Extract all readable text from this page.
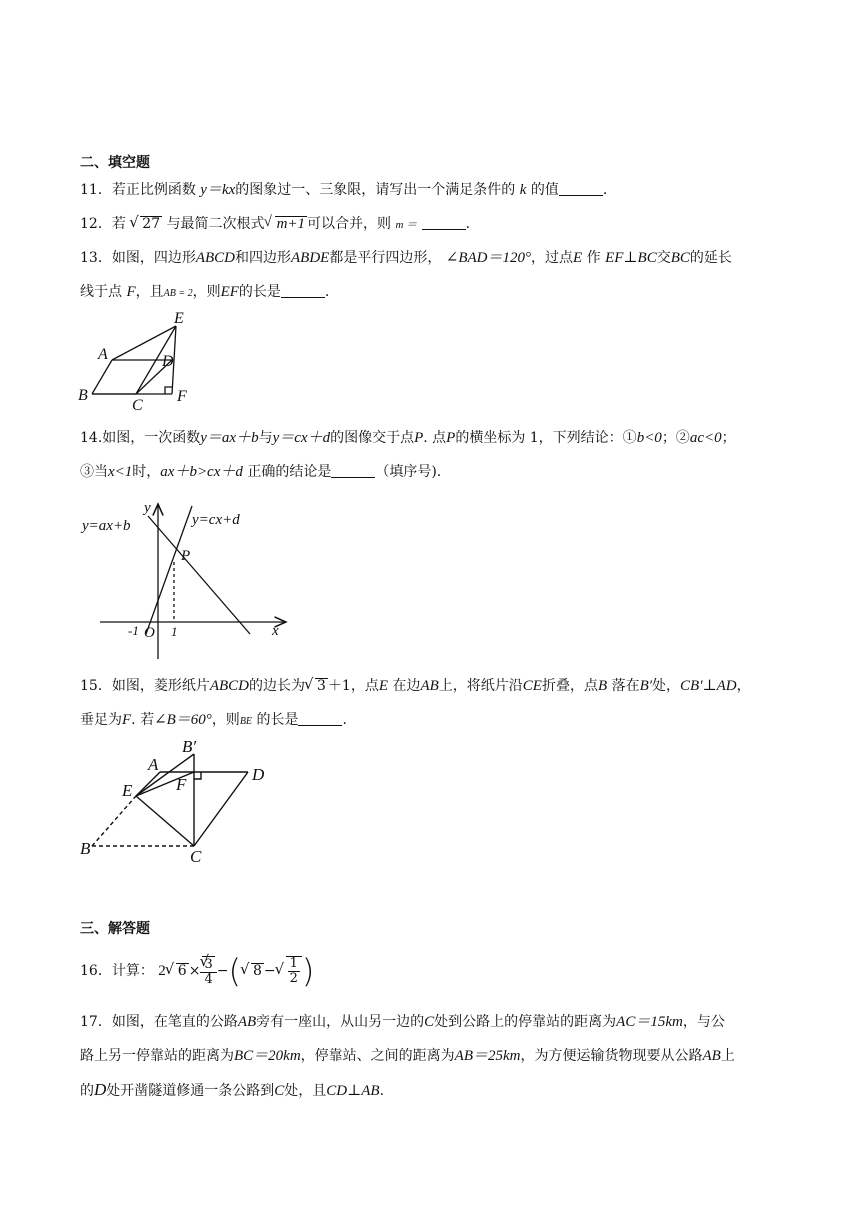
二、填空题
11．若正比例函数 y＝kx的图象过一、三象限，请写出一个满足条件的 k 的值	.
12．若 √ 27 与最简二次根式 √ m+1 可以合并，则 m ＝	.
13．如图，四边形ABCD和四边形ABDE都是平行四边形， ∠BAD＝120°，过点E 作 EF⊥BC交BC的延长
线于点 F，且AB = 2，则EF的长是	.
E
A	D
B
C
F
14.如图，一次函数y＝ax＋b与y＝cx＋d的图像交于点P. 点P的横坐标为 1，下列结论：①b<0；②ac<0；
③当x<1时，ax＋b>cx＋d 正确的结论是	（填序号).
y
x
O
P
1
-1
y=ax+b	y=cx+d
15．如图，菱形纸片ABCD的边长为 √ 3 ＋1，点E 在边AB上，将纸片沿CE折叠，点B 落在B′处，CB′⊥AD，
垂足为F. 若∠B＝60°，则BE 的长是	.
B′
A
D
F
E
B	C
三、解答题
16．计算： 2 √ 6 × √ $\frac{3}{4}$ −( √ 8 − √ $\frac{1}{2}$ )
17．如图，在笔直的公路AB旁有一座山，从山另一边的C处到公路上的停靠站的距离为AC＝15km，与公
路上另一停靠站的距离为BC＝20km，停靠站、之间的距离为AB＝25km，为方便运输货物现要从公路AB上
的D处开凿隧道修通一条公路到C处，且CD⊥AB.
